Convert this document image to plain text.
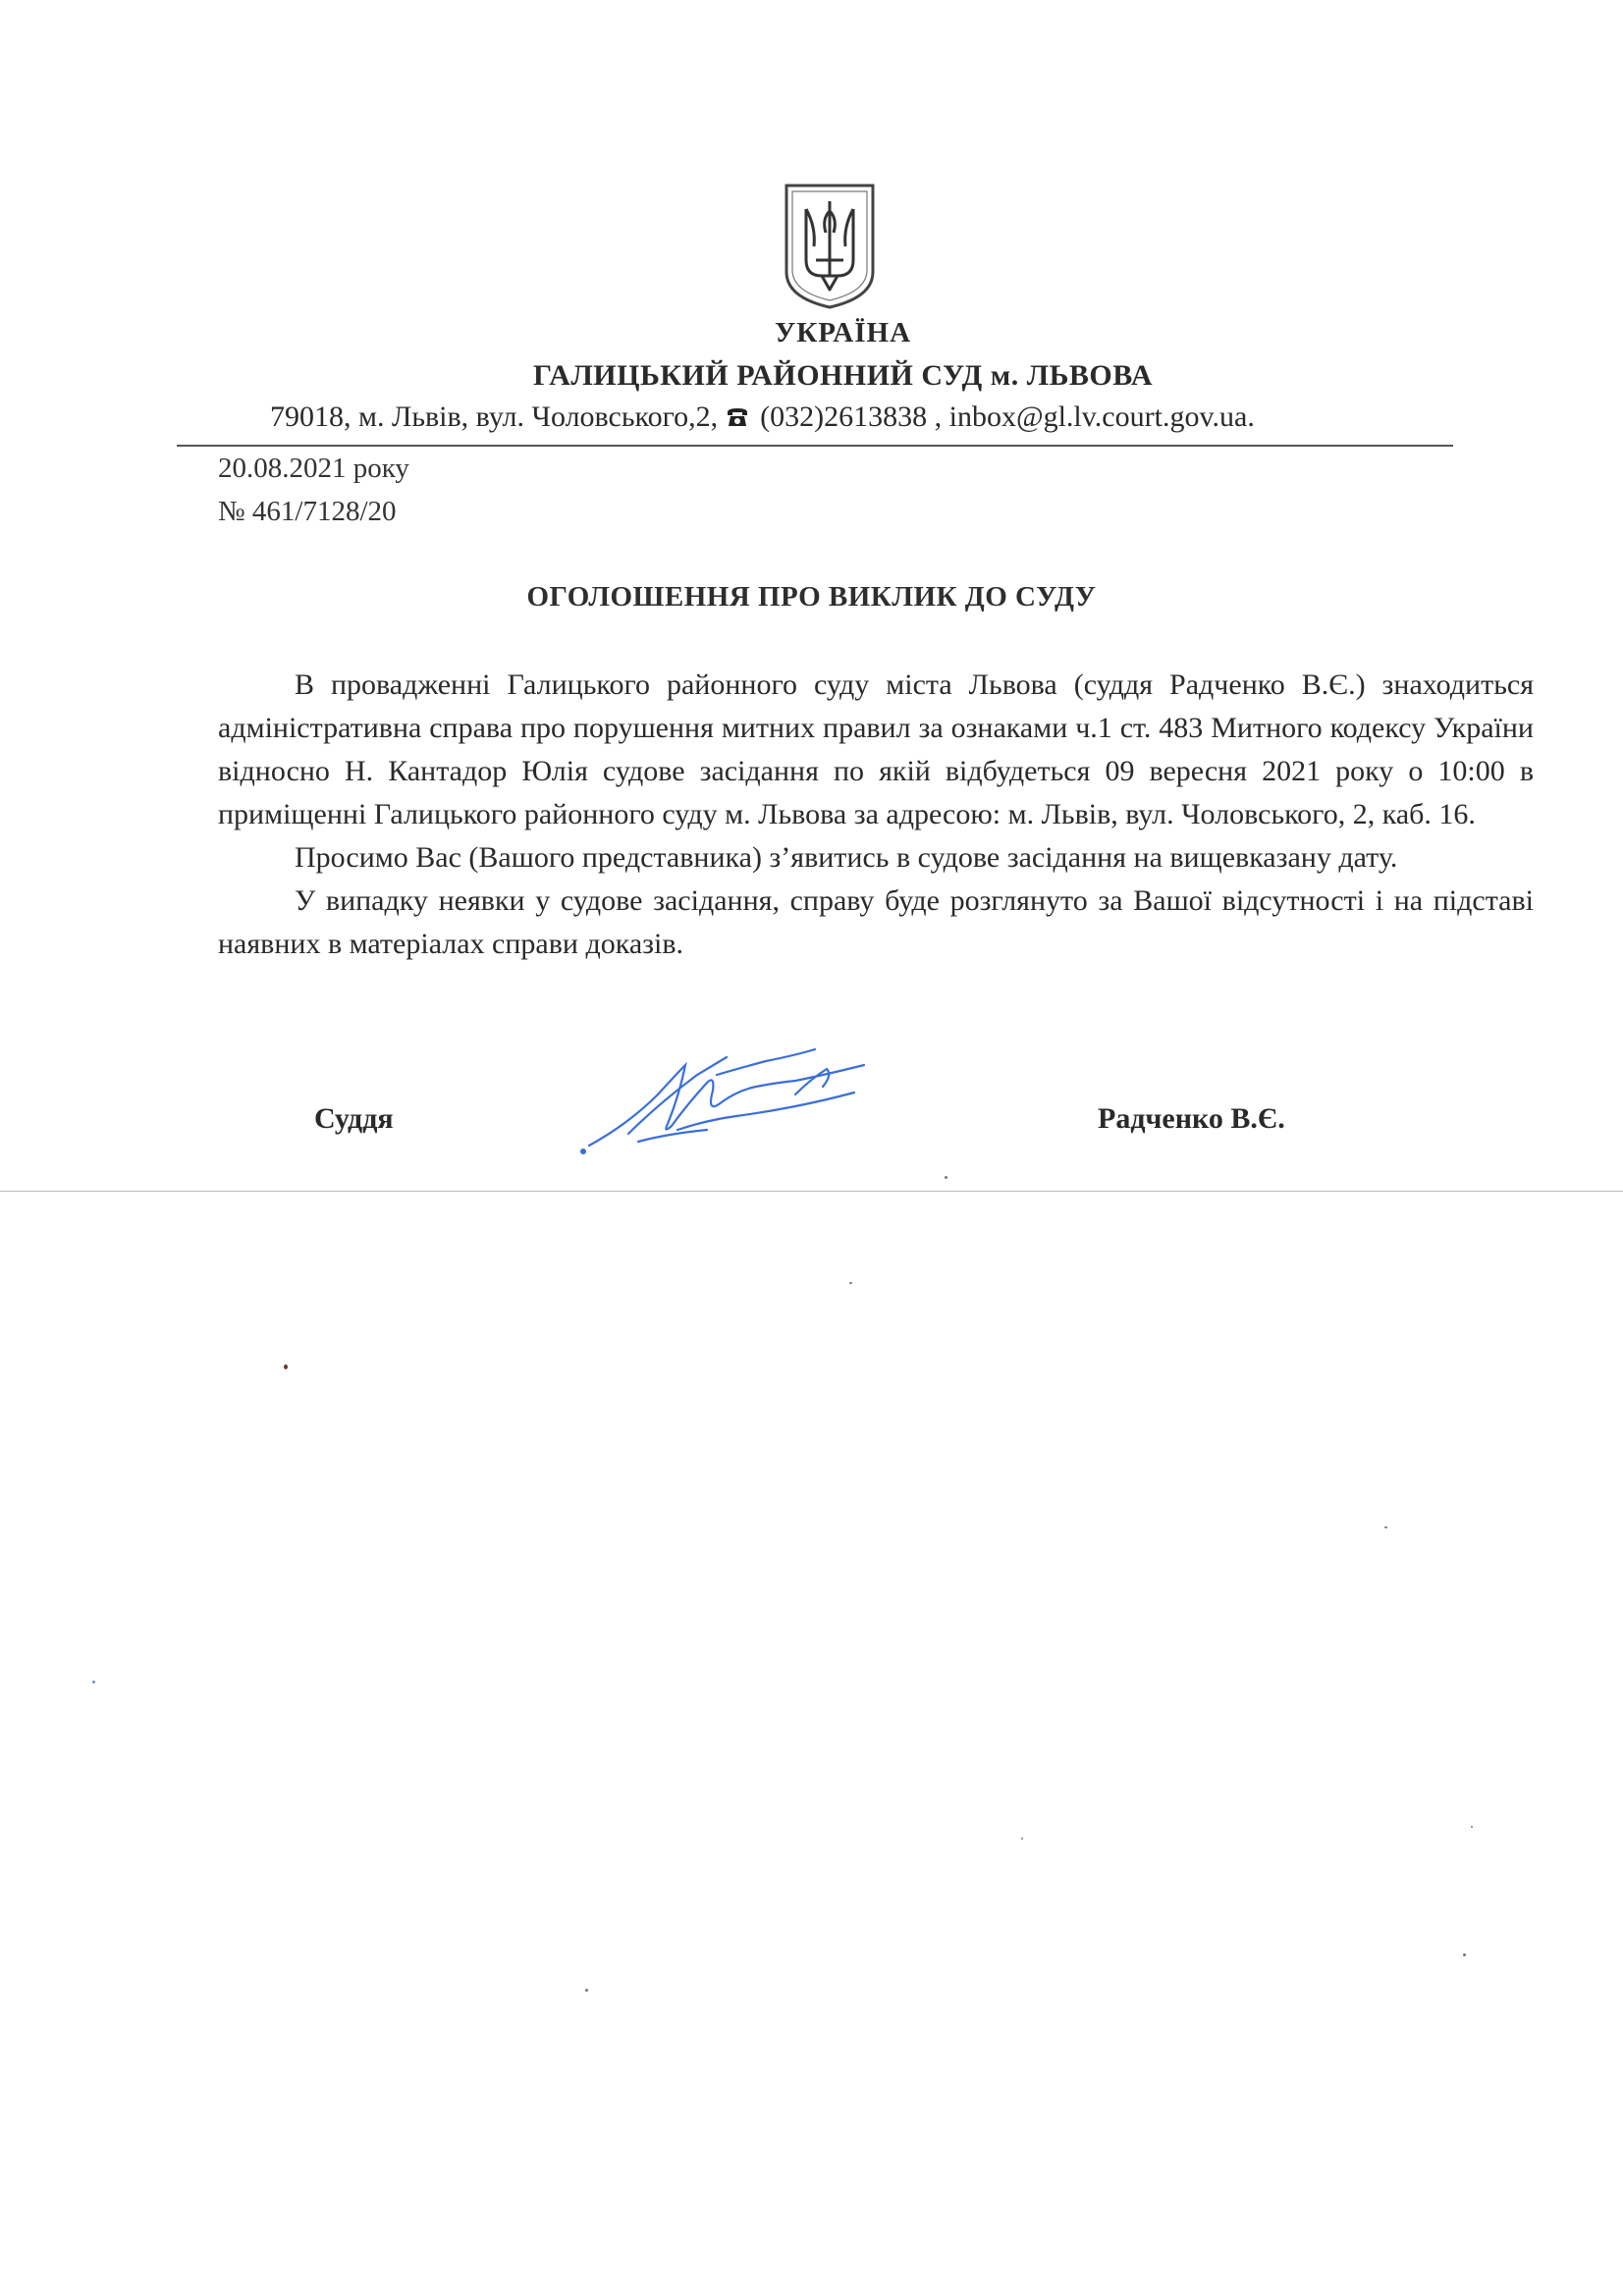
УКРАЇНА
ГАЛИЦЬКИЙ РАЙОННИЙ СУД м. ЛЬВОВА
79018, м. Львів, вул. Чоловського,2, (032)2613838 , inbox@gl.lv.court.gov.ua.
20.08.2021 року
№ 461/7128/20
ОГОЛОШЕННЯ ПРО ВИКЛИК ДО СУДУ

В провадженні Галицького районного суду міста Львова (суддя Радченко В.Є.) знаходиться адміністративна справа про порушення митних правил за ознаками ч.1 ст. 483 Митного кодексу України відносно Н. Кантадор Юлія судове засідання по якій відбудеться 09 вересня 2021 року о 10:00 в приміщенні Галицького районного суду м. Львова за адресою: м. Львів, вул. Чоловського, 2, каб. 16.

Просимо Вас (Вашого представника) з’явитись в судове засідання на вищевказану дату.

У випадку неявки у судове засідання, справу буде розглянуто за Вашої відсутності і на підставі наявних в матеріалах справи доказів.

Суддя	Радченко В.Є.
